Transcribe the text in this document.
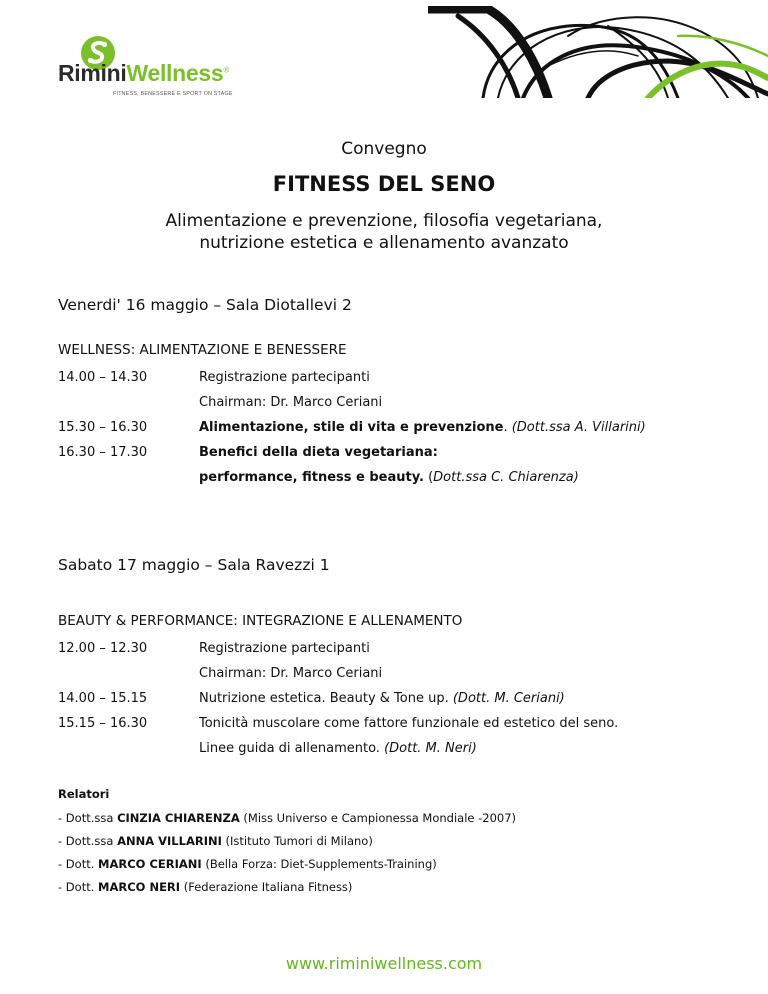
RiminiWellness®
FITNESS, BENESSERE E SPORT ON STAGE
Convegno
FITNESS DEL SENO
Alimentazione e prevenzione, filosofia vegetariana,
nutrizione estetica e allenamento avanzato
Venerdi' 16 maggio – Sala Diotallevi 2
WELLNESS: ALIMENTAZIONE E BENESSERE
14.00 – 14.30	Registrazione partecipanti
Chairman: Dr. Marco Ceriani
15.30 – 16.30	Alimentazione, stile di vita e prevenzione. (Dott.ssa A. Villarini)
16.30 – 17.30	Benefici della dieta vegetariana:
performance, fitness e beauty. (Dott.ssa C. Chiarenza)
Sabato 17 maggio – Sala Ravezzi 1
BEAUTY & PERFORMANCE: INTEGRAZIONE E ALLENAMENTO
12.00 – 12.30	Registrazione partecipanti
Chairman: Dr. Marco Ceriani
14.00 – 15.15	Nutrizione estetica. Beauty & Tone up. (Dott. M. Ceriani)
15.15 – 16.30	Tonicità muscolare come fattore funzionale ed estetico del seno.
Linee guida di allenamento. (Dott. M. Neri)
Relatori
- Dott.ssa CINZIA CHIARENZA (Miss Universo e Campionessa Mondiale -2007)
- Dott.ssa ANNA VILLARINI (Istituto Tumori di Milano)
- Dott. MARCO CERIANI (Bella Forza: Diet-Supplements-Training)
- Dott. MARCO NERI (Federazione Italiana Fitness)
www.riminiwellness.com
